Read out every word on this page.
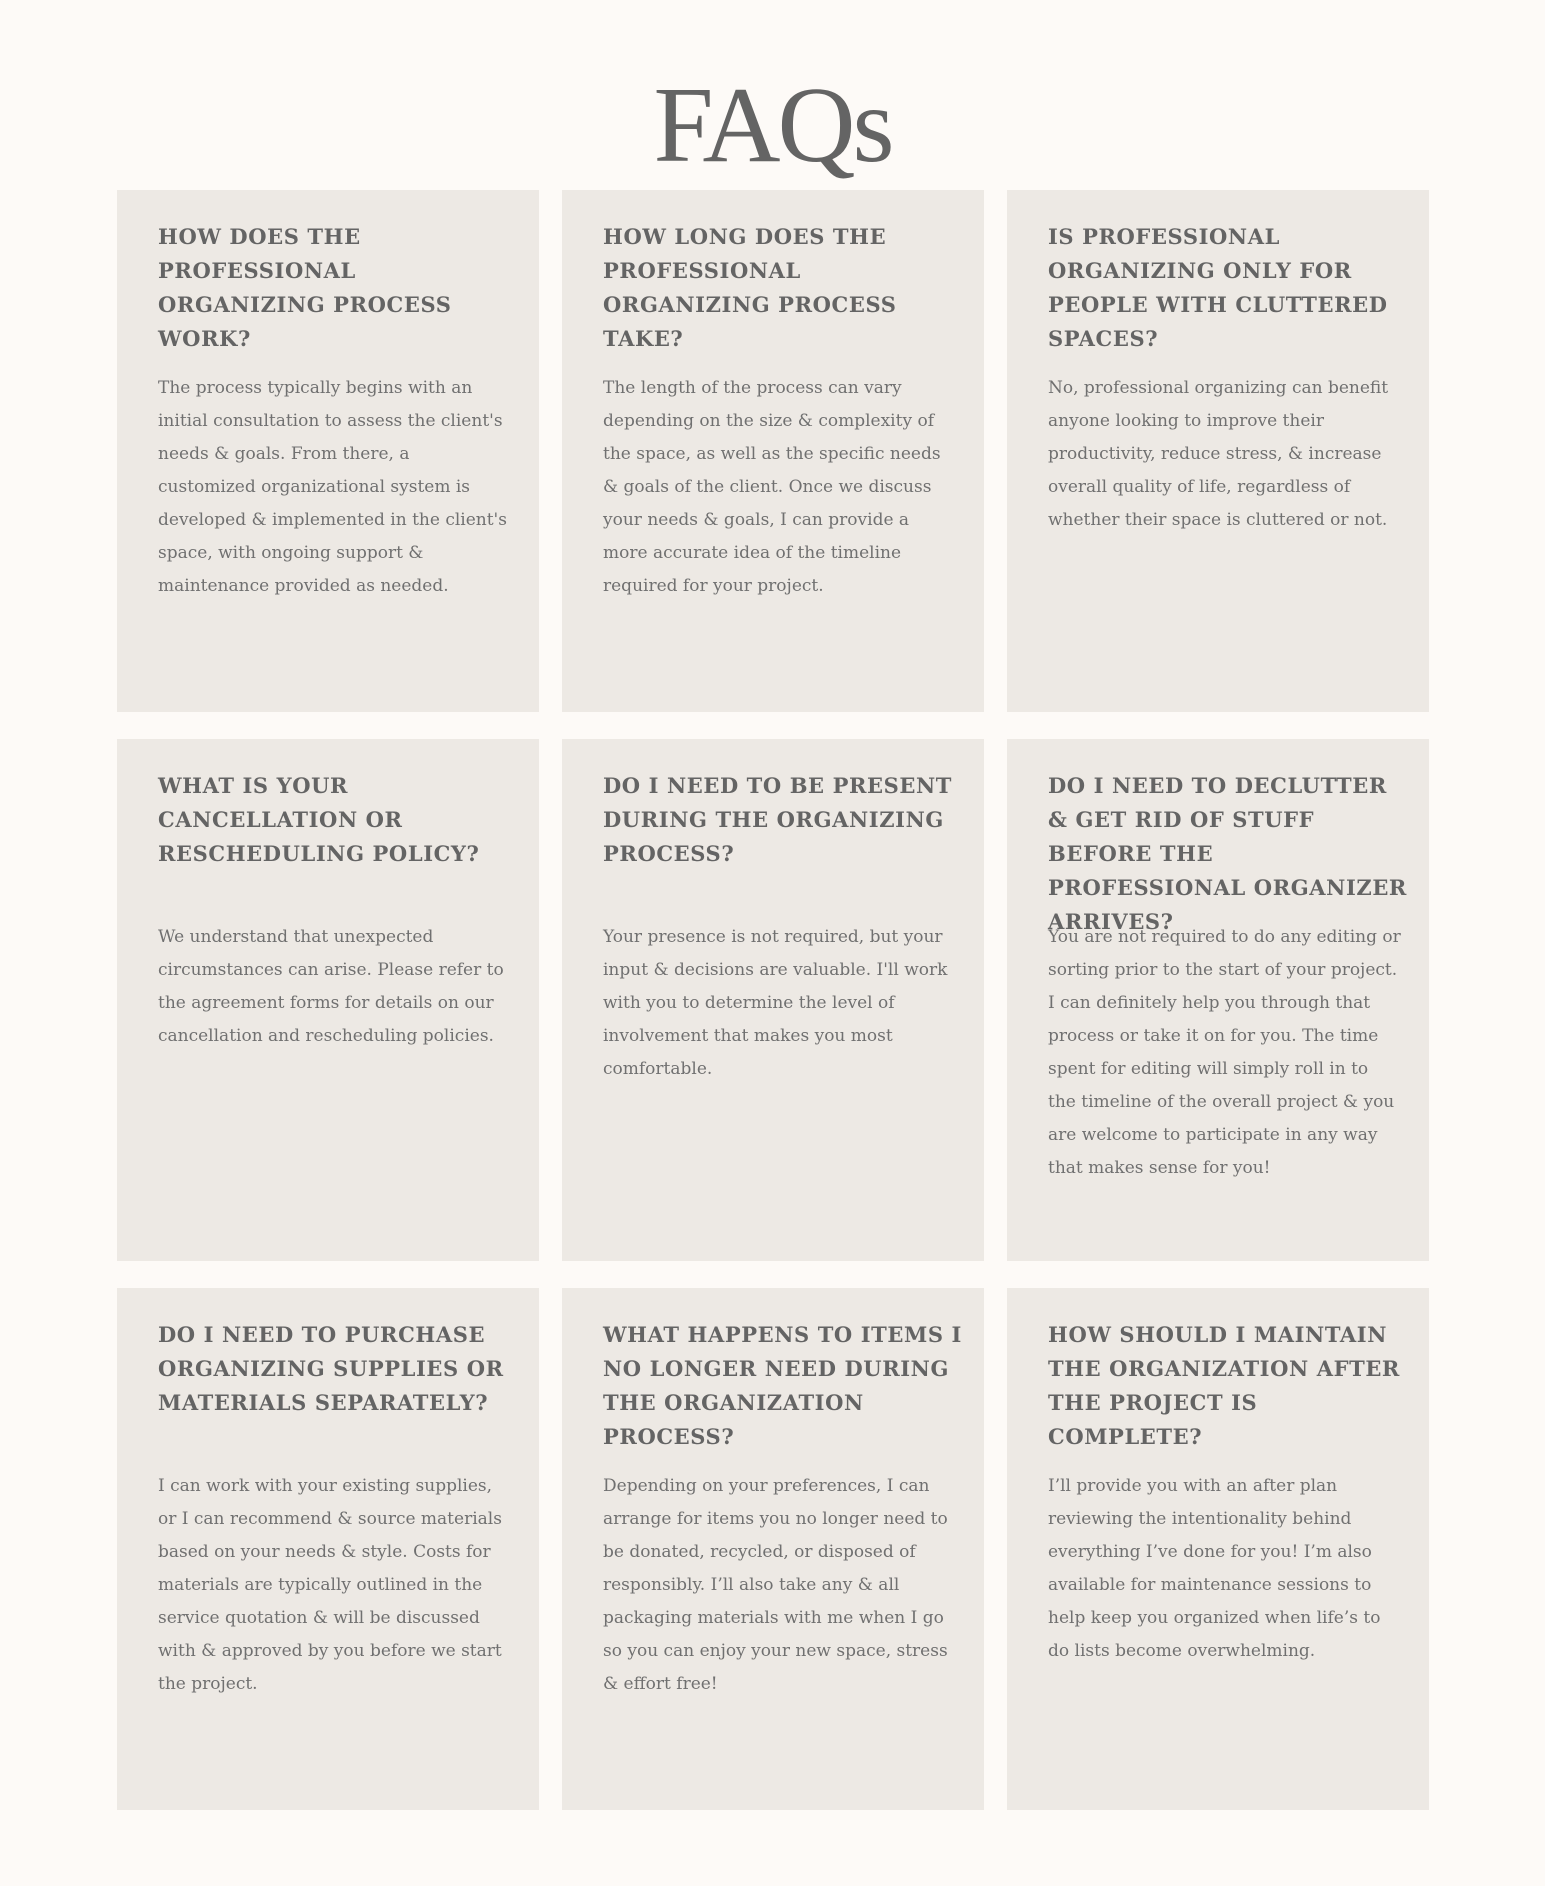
FAQs
HOW DOES THE PROFESSIONAL ORGANIZING PROCESS WORK?

The process typically begins with an initial consultation to assess the client's needs & goals. From there, a customized organizational system is developed & implemented in the client's space, with ongoing support & maintenance provided as needed.

HOW LONG DOES THE PROFESSIONAL ORGANIZING PROCESS TAKE?

The length of the process can vary depending on the size & complexity of the space, as well as the specific needs & goals of the client. Once we discuss your needs & goals, I can provide a more accurate idea of the timeline required for your project.

IS PROFESSIONAL ORGANIZING ONLY FOR PEOPLE WITH CLUTTERED SPACES?

No, professional organizing can benefit anyone looking to improve their productivity, reduce stress, & increase overall quality of life, regardless of whether their space is cluttered or not.

WHAT IS YOUR CANCELLATION OR RESCHEDULING POLICY?

We understand that unexpected circumstances can arise. Please refer to the agreement forms for details on our cancellation and rescheduling policies.

DO I NEED TO BE PRESENT DURING THE ORGANIZING PROCESS?

Your presence is not required, but your input & decisions are valuable. I'll work with you to determine the level of involvement that makes you most comfortable.

DO I NEED TO DECLUTTER & GET RID OF STUFF BEFORE THE PROFESSIONAL ORGANIZER ARRIVES?

You are not required to do any editing or sorting prior to the start of your project. I can definitely help you through that process or take it on for you. The time spent for editing will simply roll in to the timeline of the overall project & you are welcome to participate in any way that makes sense for you!

DO I NEED TO PURCHASE ORGANIZING SUPPLIES OR MATERIALS SEPARATELY?

I can work with your existing supplies, or I can recommend & source materials based on your needs & style. Costs for materials are typically outlined in the service quotation & will be discussed with & approved by you before we start the project.

WHAT HAPPENS TO ITEMS I NO LONGER NEED DURING THE ORGANIZATION PROCESS?

Depending on your preferences, I can arrange for items you no longer need to be donated, recycled, or disposed of responsibly. I’ll also take any & all packaging materials with me when I go so you can enjoy your new space, stress & effort free!

HOW SHOULD I MAINTAIN THE ORGANIZATION AFTER THE PROJECT IS COMPLETE?

I’ll provide you with an after plan reviewing the intentionality behind everything I’ve done for you! I’m also available for maintenance sessions to help keep you organized when life’s to do lists become overwhelming.
